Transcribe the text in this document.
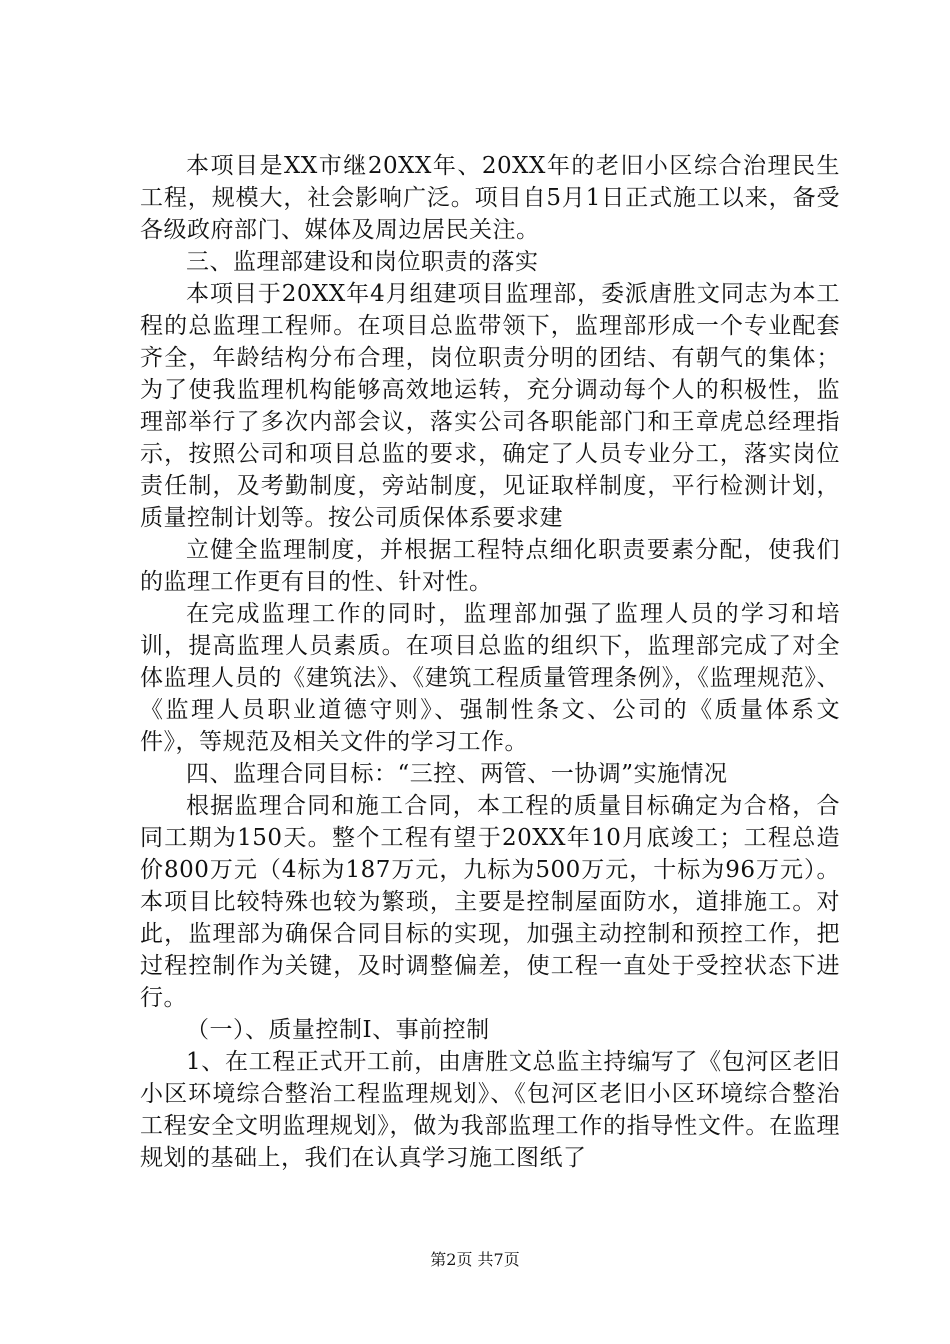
本项目是XX市继20XX年、20XX年的老旧小区综合治理民生工程，规模大，社会影响广泛。项目自5月1日正式施工以来，备受各级政府部门、媒体及周边居民关注。

三、监理部建设和岗位职责的落实

本项目于20XX年4月组建项目监理部，委派唐胜文同志为本工程的总监理工程师。在项目总监带领下，监理部形成一个专业配套齐全，年龄结构分布合理，岗位职责分明的团结、有朝气的集体；为了使我监理机构能够高效地运转，充分调动每个人的积极性，监理部举行了多次内部会议，落实公司各职能部门和王章虎总经理指示，按照公司和项目总监的要求，确定了人员专业分工，落实岗位责任制，及考勤制度，旁站制度，见证取样制度，平行检测计划，质量控制计划等。按公司质保体系要求建

立健全监理制度，并根据工程特点细化职责要素分配，使我们的监理工作更有目的性、针对性。

在完成监理工作的同时，监理部加强了监理人员的学习和培训，提高监理人员素质。在项目总监的组织下，监理部完成了对全体监理人员的《建筑法》、《建筑工程质量管理条例》，《监理规范》、《监理人员职业道德守则》、强制性条文、公司的《质量体系文件》，等规范及相关文件的学习工作。

四、监理合同目标：“三控、两管、一协调”实施情况

根据监理合同和施工合同，本工程的质量目标确定为合格，合同工期为150天。整个工程有望于20XX年10月底竣工；工程总造价800万元（4标为187万元，九标为500万元，十标为96万元）。本项目比较特殊也较为繁琐，主要是控制屋面防水，道排施工。对此，监理部为确保合同目标的实现，加强主动控制和预控工作，把过程控制作为关键，及时调整偏差，使工程一直处于受控状态下进行。

（一）、质量控制Ⅰ、事前控制

1、在工程正式开工前，由唐胜文总监主持编写了《包河区老旧小区环境综合整治工程监理规划》、《包河区老旧小区环境综合整治工程安全文明监理规划》，做为我部监理工作的指导性文件。在监理规划的基础上，我们在认真学习施工图纸了

第2页 共7页
